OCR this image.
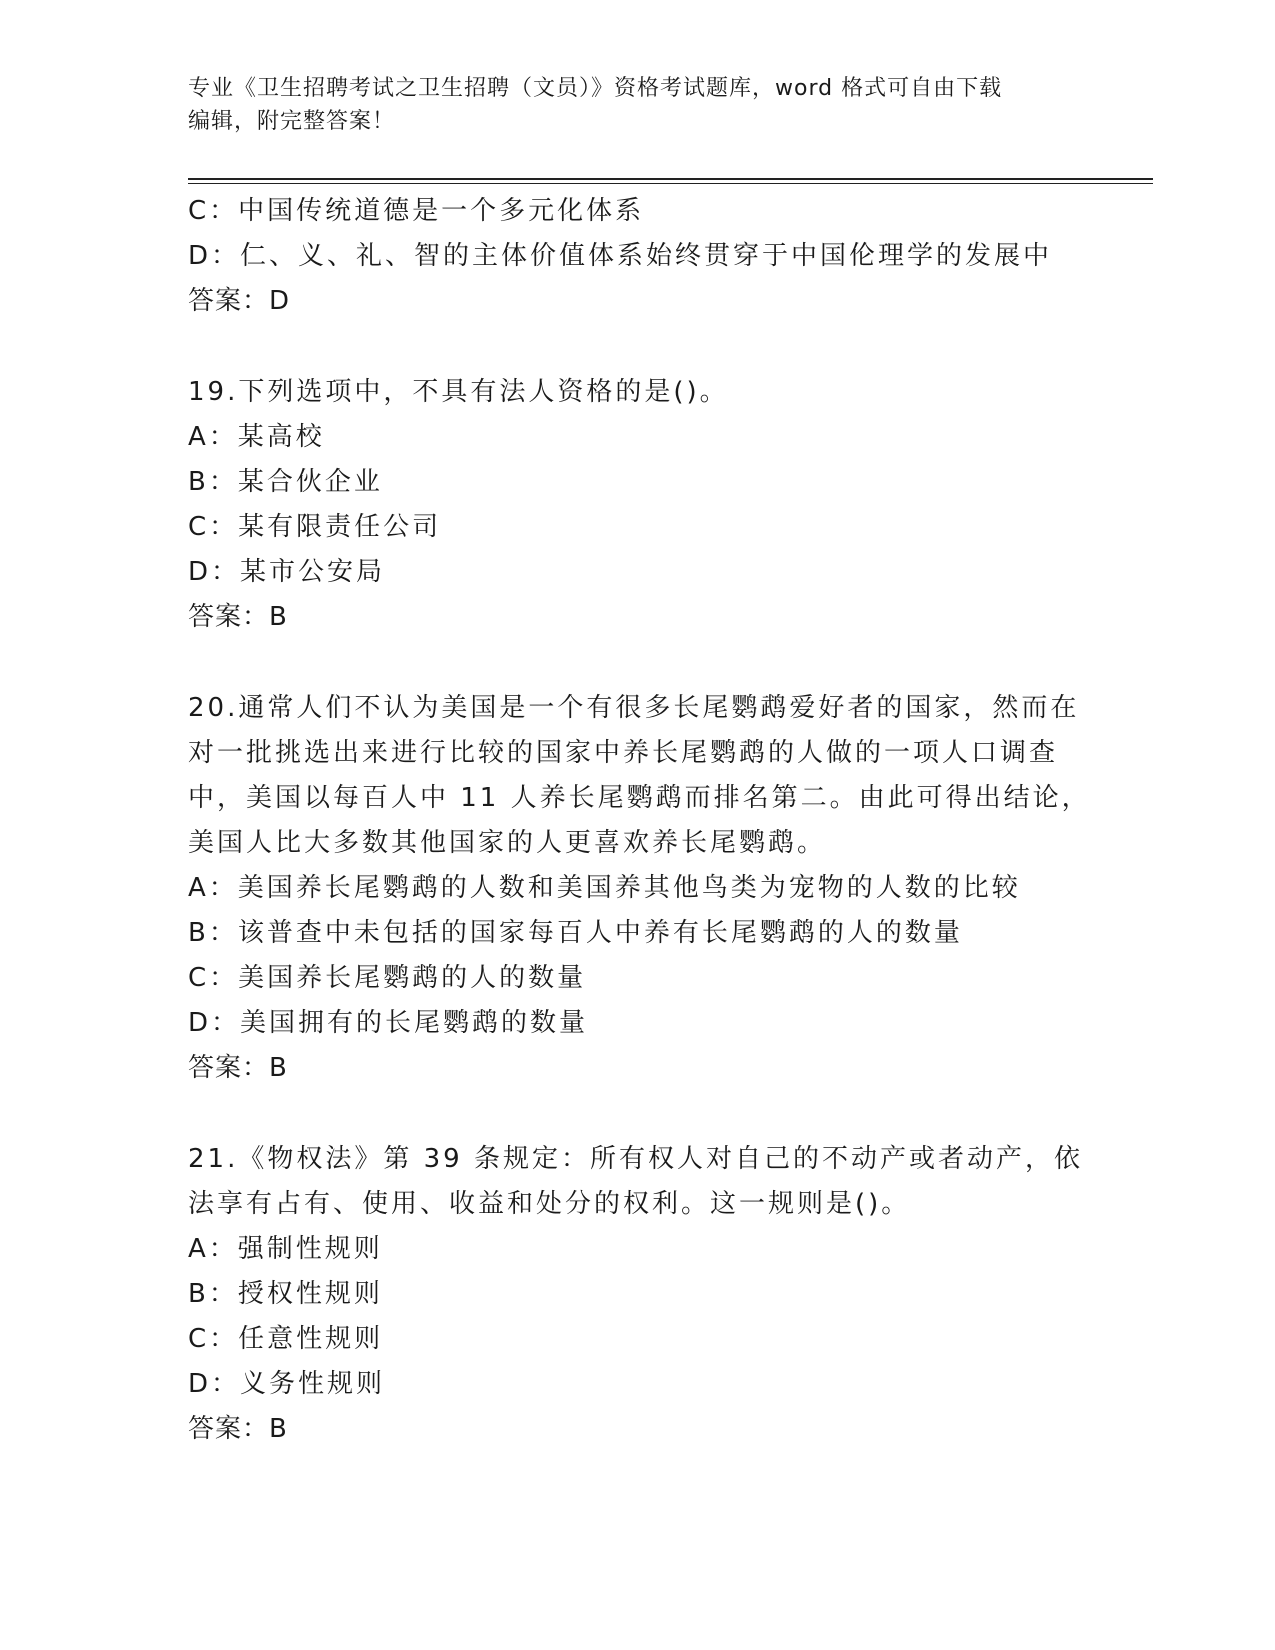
专业《卫生招聘考试之卫生招聘（文员）》资格考试题库，word 格式可自由下载
编辑，附完整答案！
C：中国传统道德是一个多元化体系
D：仁、义、礼、智的主体价值体系始终贯穿于中国伦理学的发展中
答案：D
19.下列选项中，不具有法人资格的是()。
A：某高校
B：某合伙企业
C：某有限责任公司
D：某市公安局
答案：B
20.通常人们不认为美国是一个有很多长尾鹦鹉爱好者的国家，然而在
对一批挑选出来进行比较的国家中养长尾鹦鹉的人做的一项人口调查
中，美国以每百人中 11 人养长尾鹦鹉而排名第二。由此可得出结论，
美国人比大多数其他国家的人更喜欢养长尾鹦鹉。
A：美国养长尾鹦鹉的人数和美国养其他鸟类为宠物的人数的比较
B：该普查中未包括的国家每百人中养有长尾鹦鹉的人的数量
C：美国养长尾鹦鹉的人的数量
D：美国拥有的长尾鹦鹉的数量
答案：B
21.《物权法》第 39 条规定：所有权人对自己的不动产或者动产，依
法享有占有、使用、收益和处分的权利。这一规则是()。
A：强制性规则
B：授权性规则
C：任意性规则
D：义务性规则
答案：B
